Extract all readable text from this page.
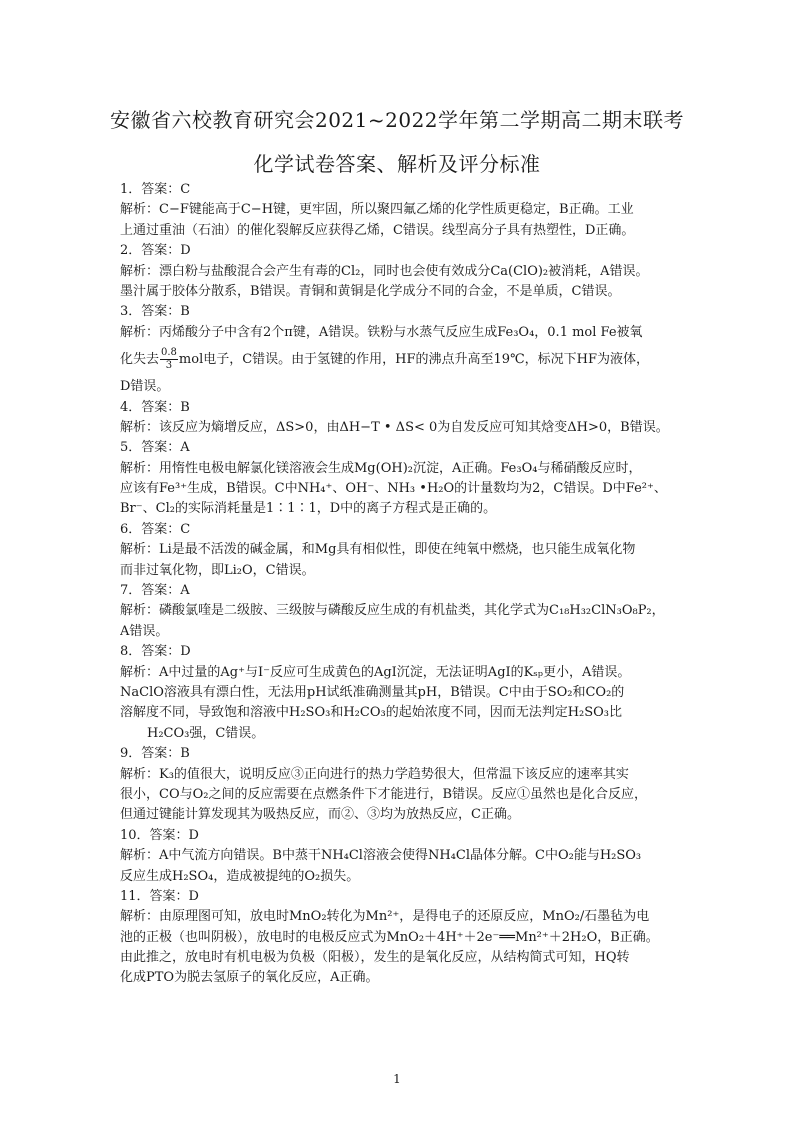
安徽省六校教育研究会2021~2022学年第二学期高二期末联考
化学试卷答案、解析及评分标准
1．答案：C
解析：C−F键能高于C−H键，更牢固，所以聚四氟乙烯的化学性质更稳定，B正确。工业
上通过重油（石油）的催化裂解反应获得乙烯，C错误。线型高分子具有热塑性，D正确。
2．答案：D
解析：漂白粉与盐酸混合会产生有毒的Cl₂，同时也会使有效成分Ca(ClO)₂被消耗，A错误。
墨汁属于胶体分散系，B错误。青铜和黄铜是化学成分不同的合金，不是单质，C错误。
3．答案：B
解析：丙烯酸分子中含有2个π键，A错误。铁粉与水蒸气反应生成Fe₃O₄，0.1 mol Fe被氧
化失去 $\frac{0.8}{3}$ mol电子，C错误。由于氢键的作用，HF的沸点升高至19℃，标况下HF为液体，
D错误。
4．答案：B
解析：该反应为熵增反应，ΔS>0，由ΔH−T • ΔS< 0为自发反应可知其焓变ΔH>0，B错误。
5．答案：A
解析：用惰性电极电解氯化镁溶液会生成Mg(OH)₂沉淀，A正确。Fe₃O₄与稀硝酸反应时，
应该有Fe³⁺生成，B错误。C中NH₄⁺、OH⁻、NH₃ •H₂O的计量数均为2，C错误。D中Fe²⁺、
Br⁻、Cl₂的实际消耗量是1∶1∶1，D中的离子方程式是正确的。
6．答案：C
解析：Li是最不活泼的碱金属，和Mg具有相似性，即使在纯氧中燃烧，也只能生成氧化物
而非过氧化物，即Li₂O，C错误。
7．答案：A
解析：磷酸氯喹是二级胺、三级胺与磷酸反应生成的有机盐类，其化学式为C₁₈H₃₂ClN₃O₈P₂，
A错误。
8．答案：D
解析：A中过量的Ag⁺与I⁻反应可生成黄色的AgI沉淀，无法证明AgI的Kₛₚ更小，A错误。
NaClO溶液具有漂白性，无法用pH试纸准确测量其pH，B错误。C中由于SO₂和CO₂的
溶解度不同，导致饱和溶液中H₂SO₃和H₂CO₃的起始浓度不同，因而无法判定H₂SO₃比
H₂CO₃强，C错误。
9．答案：B
解析：K₃的值很大，说明反应③正向进行的热力学趋势很大，但常温下该反应的速率其实
很小，CO与O₂之间的反应需要在点燃条件下才能进行，B错误。反应①虽然也是化合反应，
但通过键能计算发现其为吸热反应，而②、③均为放热反应，C正确。
10．答案：D
解析：A中气流方向错误。B中蒸干NH₄Cl溶液会使得NH₄Cl晶体分解。C中O₂能与H₂SO₃
反应生成H₂SO₄，造成被提纯的O₂损失。
11．答案：D
解析：由原理图可知，放电时MnO₂转化为Mn²⁺，是得电子的还原反应，MnO₂/石墨毡为电
池的正极（也叫阴极），放电时的电极反应式为MnO₂＋4H⁺＋2e⁻══Mn²⁺＋2H₂O，B正确。
由此推之，放电时有机电极为负极（阳极），发生的是氧化反应，从结构简式可知，HQ转
化成PTO为脱去氢原子的氧化反应，A正确。
1
